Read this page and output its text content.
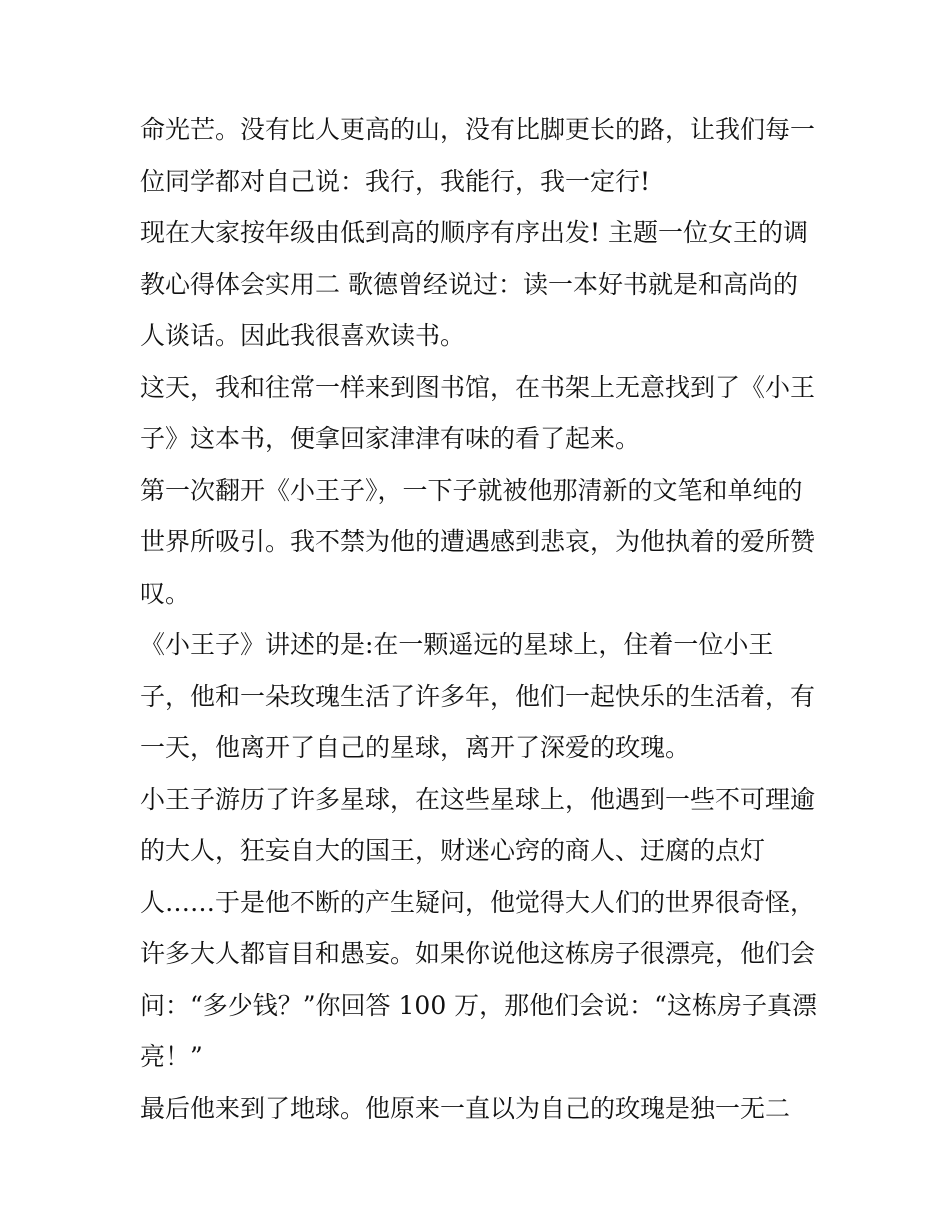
命光芒。没有比人更高的山，没有比脚更长的路，让我们每一
位同学都对自己说：我行，我能行，我一定行!
现在大家按年级由低到高的顺序有序出发! 主题一位女王的调
教心得体会实用二 歌德曾经说过：读一本好书就是和高尚的
人谈话。因此我很喜欢读书。
这天，我和往常一样来到图书馆，在书架上无意找到了《小王
子》这本书，便拿回家津津有味的看了起来。
第一次翻开《小王子》，一下子就被他那清新的文笔和单纯的
世界所吸引。我不禁为他的遭遇感到悲哀，为他执着的爱所赞
叹。
《小王子》讲述的是:在一颗遥远的星球上，住着一位小王
子，他和一朵玫瑰生活了许多年，他们一起快乐的生活着，有
一天，他离开了自己的星球，离开了深爱的玫瑰。
小王子游历了许多星球，在这些星球上，他遇到一些不可理逾
的大人，狂妄自大的国王，财迷心窍的商人、迂腐的点灯
人……于是他不断的产生疑问，他觉得大人们的世界很奇怪，
许多大人都盲目和愚妄。如果你说他这栋房子很漂亮，他们会
问：“多少钱？”你回答 100 万，那他们会说：“这栋房子真漂
亮！”
最后他来到了地球。他原来一直以为自己的玫瑰是独一无二
